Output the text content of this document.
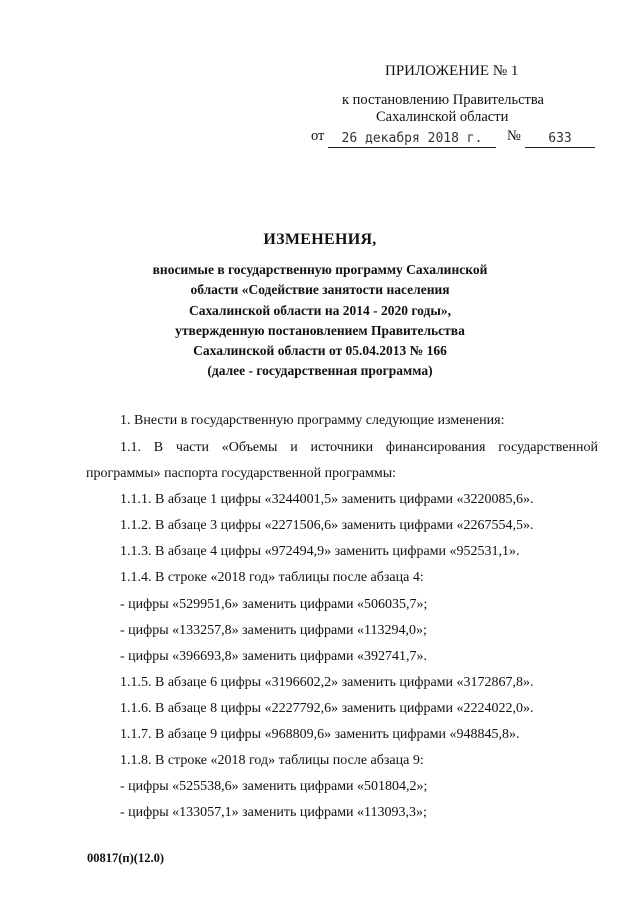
ПРИЛОЖЕНИЕ № 1
к постановлению Правительства
Сахалинской области
от	26 декабря 2018 г.	№	633
ИЗМЕНЕНИЯ,
вносимые в государственную программу Сахалинской
области «Содействие занятости населения
Сахалинской области на 2014 - 2020 годы»,
утвержденную постановлением Правительства
Сахалинской области от 05.04.2013 № 166
(далее - государственная программа)
1. Внести в государственную программу следующие изменения:
1.1. В части «Объемы и источники финансирования государственной
программы» паспорта государственной программы:
1.1.1. В абзаце 1 цифры «3244001,5» заменить цифрами «3220085,6».
1.1.2. В абзаце 3 цифры «2271506,6» заменить цифрами «2267554,5».
1.1.3. В абзаце 4 цифры «972494,9» заменить цифрами «952531,1».
1.1.4. В строке «2018 год» таблицы после абзаца 4:
- цифры «529951,6» заменить цифрами «506035,7»;
- цифры «133257,8» заменить цифрами «113294,0»;
- цифры «396693,8» заменить цифрами «392741,7».
1.1.5. В абзаце 6 цифры «3196602,2» заменить цифрами «3172867,8».
1.1.6. В абзаце 8 цифры «2227792,6» заменить цифрами «2224022,0».
1.1.7. В абзаце 9 цифры «968809,6» заменить цифрами «948845,8».
1.1.8. В строке «2018 год» таблицы после абзаца 9:
- цифры «525538,6» заменить цифрами «501804,2»;
- цифры «133057,1» заменить цифрами «113093,3»;
00817(п)(12.0)
